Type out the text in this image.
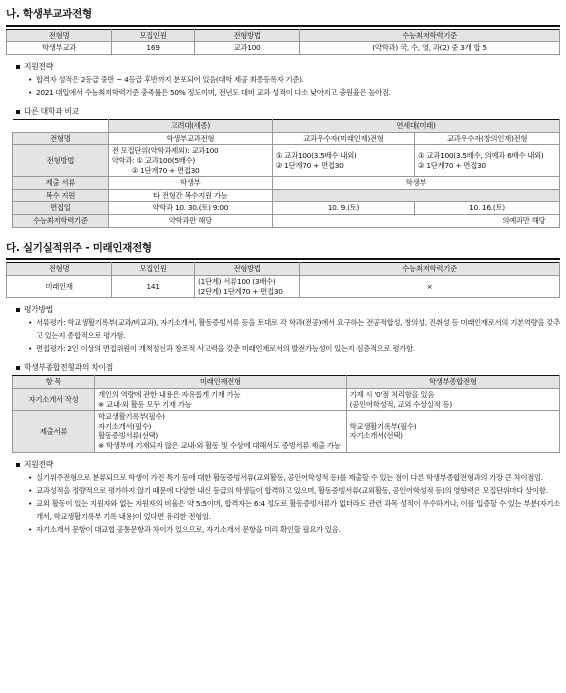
나. 학생부교과전형
전형명	모집인원	전형방법	수능최저학력기준
학생부교과	169	교과100	(약학과) 국, 수, 영, 과(2) 중 3개 합 5
지원전략
• 합격자 성적은 2등급 중반 ~ 4등급 후반까지 분포되어 있음(대학 제공 최종등록자 기준).
• 2021 대입에서 수능최저학력기준 충족률은 50% 정도이며, 전년도 대비 교과 성적이 다소 낮아지고 충원율은 높아짐.
다른 대학과 비교
	고려대(세종)	연세대(미래)	
전형명	학생부교과전형	교과우수자(미래인재)전형	교과우수자(창의인재)전형
전형방법	전 모집단위(약학과제외): 교과100
약학과: ① 교과100(5배수)
② 1단계70 + 면접30	① 교과100(3.5배수 내외)
② 1단계70 + 면접30	① 교과100(3.5배수, 의예과 6배수 내외)
② 1단계70 + 면접30

제출 서류	학생부	학생부	
복수 지원	타 전형간 복수지원 가능		
면접일	약학과 10. 30.(토) 9:00	10. 9.(토)	10. 16.(토)
수능최저학력기준	약학과만 해당	의예과만 해당	
다. 실기실적위주 - 미래인재전형
전형명	모집인원	전형방법	수능최저학력기준
미래인재	141	(1단계) 서류100 (3배수)
(2단계) 1단계70 + 면접30	×
평가방법
• 서류평가: 학교생활기록부(교과/비교과), 자기소개서, 활동증빙서류 등을 토대로 각 학과(전공)에서 요구하는 전공적합성, 창의성, 진취성 등 미래인재로서의 기본역량을 갖추고 있는지 종합적으로 평가함.
• 면접평가: 2인 이상의 면접위원이 개척정신과 창조적 사고력을 갖춘 미래인재로서의 발전가능성이 있는지 심층적으로 평가함.
학생부종합전형과의 차이점
항 목	미래인재전형	학생부종합전형
자기소개서 작성	개인의 역량에 관한 내용은 자유롭게 기재 가능
※ 교내·외 활동 모두 기재 가능	기재 시 '0'점 처리함을 있음
(공인어학성적, 교외 수상실적 등)

제출서류	학교생활기록부(필수)
자기소개서(필수)
활동증빙서류(선택)
※ 학생부에 기재되지 않은 교내·외 활동 및 수상에 대해서도 증빙서류 제출 가능	학교생활기록부(필수)
자기소개서(선택)
지원전략
• 실기위주전형으로 분류되므로 학생이 가진 특기 등에 대한 활동증빙서류(교외활동, 공인어학성적 등)를 제출할 수 있는 점이 다른 학생부종합전형과의 가장 큰 차이점임.
• 교과성적을 정량적으로 평가하지 않기 때문에 다양한 내신 등급의 학생들이 합격하고 있으며, 활동증빙서류(교외활동, 공인어학성적 등)의 영향력은 모집단위마다 상이함.
• 교외 활동이 있는 지원자와 없는 지원자의 비율은 약 5:5이며, 합격자는 6:4 정도로 활동증빙서류가 없더라도 관련 과목 성적이 우수하거나, 이를 입증할 수 있는 부분(자기소개서, 학교생활기록부 기록 내용)이 있다면 유리한 전형임.
• 자기소개서 문항이 대교협 공통문항과 차이가 있으므로, 자기소개서 문항을 미리 확인할 필요가 있음.
